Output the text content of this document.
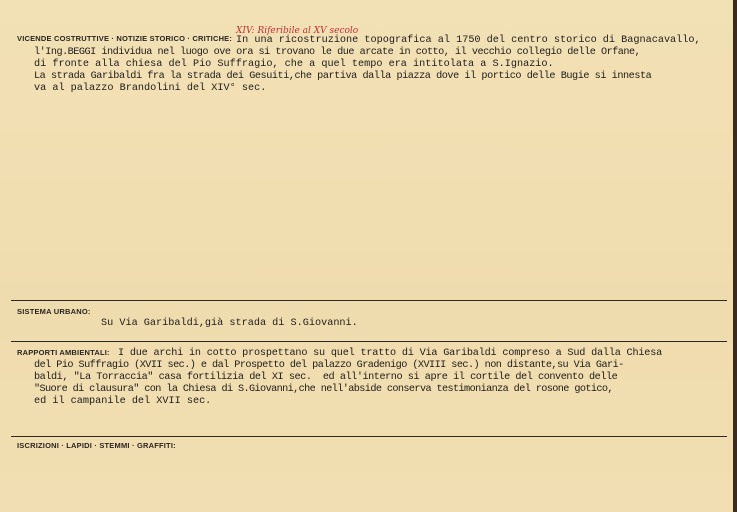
VICENDE COSTRUTTIVE · NOTIZIE STORICO · CRITICHE:
XIV: Riferibile al XV secolo
In una ricostruzione topografica al 1750 del centro storico di Bagnacavallo,
l'Ing.BEGGI individua nel luogo ove ora si trovano le due arcate in cotto, il vecchio collegio delle Orfane,
di fronte alla chiesa del Pio Suffragio, che a quel tempo era intitolata a S.Ignazio.
La strada Garibaldi fra la strada dei Gesuiti,che partiva dalla piazza dove il portico delle Bugie si innesta
va al palazzo Brandolini del XIV° sec.
SISTEMA URBANO:
Su Via Garibaldi,già strada di S.Giovanni.
RAPPORTI AMBIENTALI: I due archi in cotto prospettano su quel tratto di Via Garibaldi compreso a Sud dalla Chiesa
del Pio Suffragio (XVII sec.) e dal Prospetto del palazzo Gradenigo (XVIII sec.) non distante,su Via Gari-
baldi, "La Torraccia" casa fortilizia del XI sec.  ed all'interno si apre il cortile del convento delle
"Suore di clausura" con la Chiesa di S.Giovanni,che nell'abside conserva testimonianza del rosone gotico,
ed il campanile del XVII sec.
ISCRIZIONI · LAPIDI · STEMMI · GRAFFITI:
